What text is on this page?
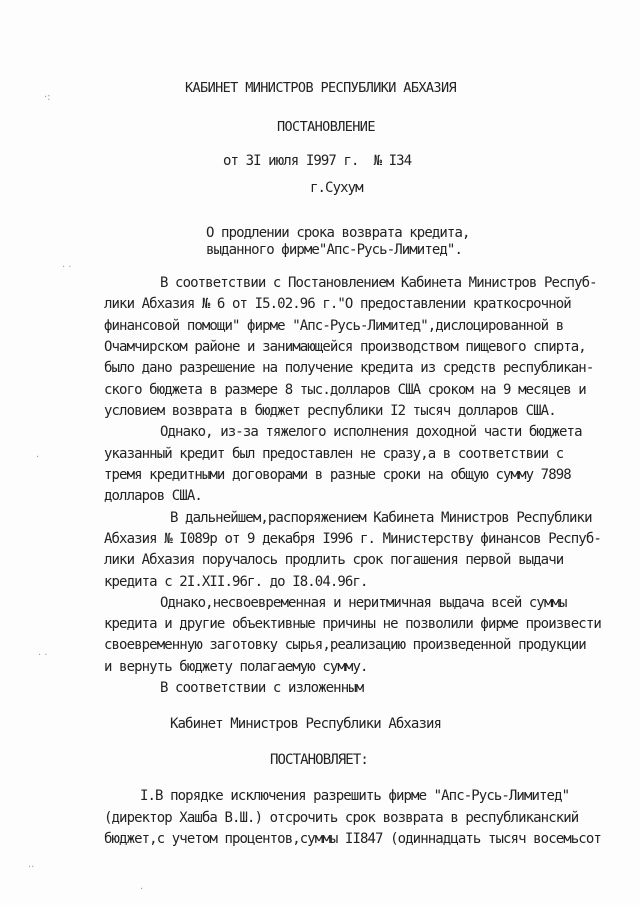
КАБИНЕТ МИНИСТРОВ РЕСПУБЛИКИ АБХАЗИЯ
ПОСТАНОВЛЕНИЕ
от 3I июля I997 г.  № I34
г.Сухум
О продлении срока возврата кредита,
выданного фирме"Апс-Русь-Лимитед".
В соответствии с Постановлением Кабинета Министров Респуб-
лики Абхазия № 6 от I5.02.96 г."О предоставлении краткосрочной
финансовой помощи" фирме "Апс-Русь-Лимитед",дислоцированной в
Очамчирском районе и занимающейся производством пищевого спирта,
было дано разрешение на получение кредита из средств республикан-
ского бюджета в размере 8 тыс.долларов США сроком на 9 месяцев и
условием возврата в бюджет республики I2 тысяч долларов США.
Однако, из-за тяжелого исполнения доходной части бюджета
указанный кредит был предоставлен не сразу,а в соответствии с
тремя кредитными договорами в разные сроки на общую сумму 7898
долларов США.
В дальнейшем,распоряжением Кабинета Министров Республики
Абхазия № I089р от 9 декабря I996 г. Министерству финансов Респуб-
лики Абхазия поручалось продлить срок погашения первой выдачи
кредита с 2I.XII.96г. до I8.04.96г.
Однако,несвоевременная и неритмичная выдача всей суммы
кредита и другие объективные причины не позволили фирме произвести
своевременную заготовку сырья,реализацию произведенной продукции
и вернуть бюджету полагаемую сумму.
В соответствии с изложенным
Кабинет Министров Республики Абхазия
ПОСТАНОВЛЯЕТ:
I.В порядке исключения разрешить фирме "Апс-Русь-Лимитед"
(директор Хашба В.Ш.) отсрочить срок возврата в республиканский
бюджет,с учетом процентов,суммы II847 (одиннадцать тысяч восемьсот
·:
· ·
·
· ·
··
·
